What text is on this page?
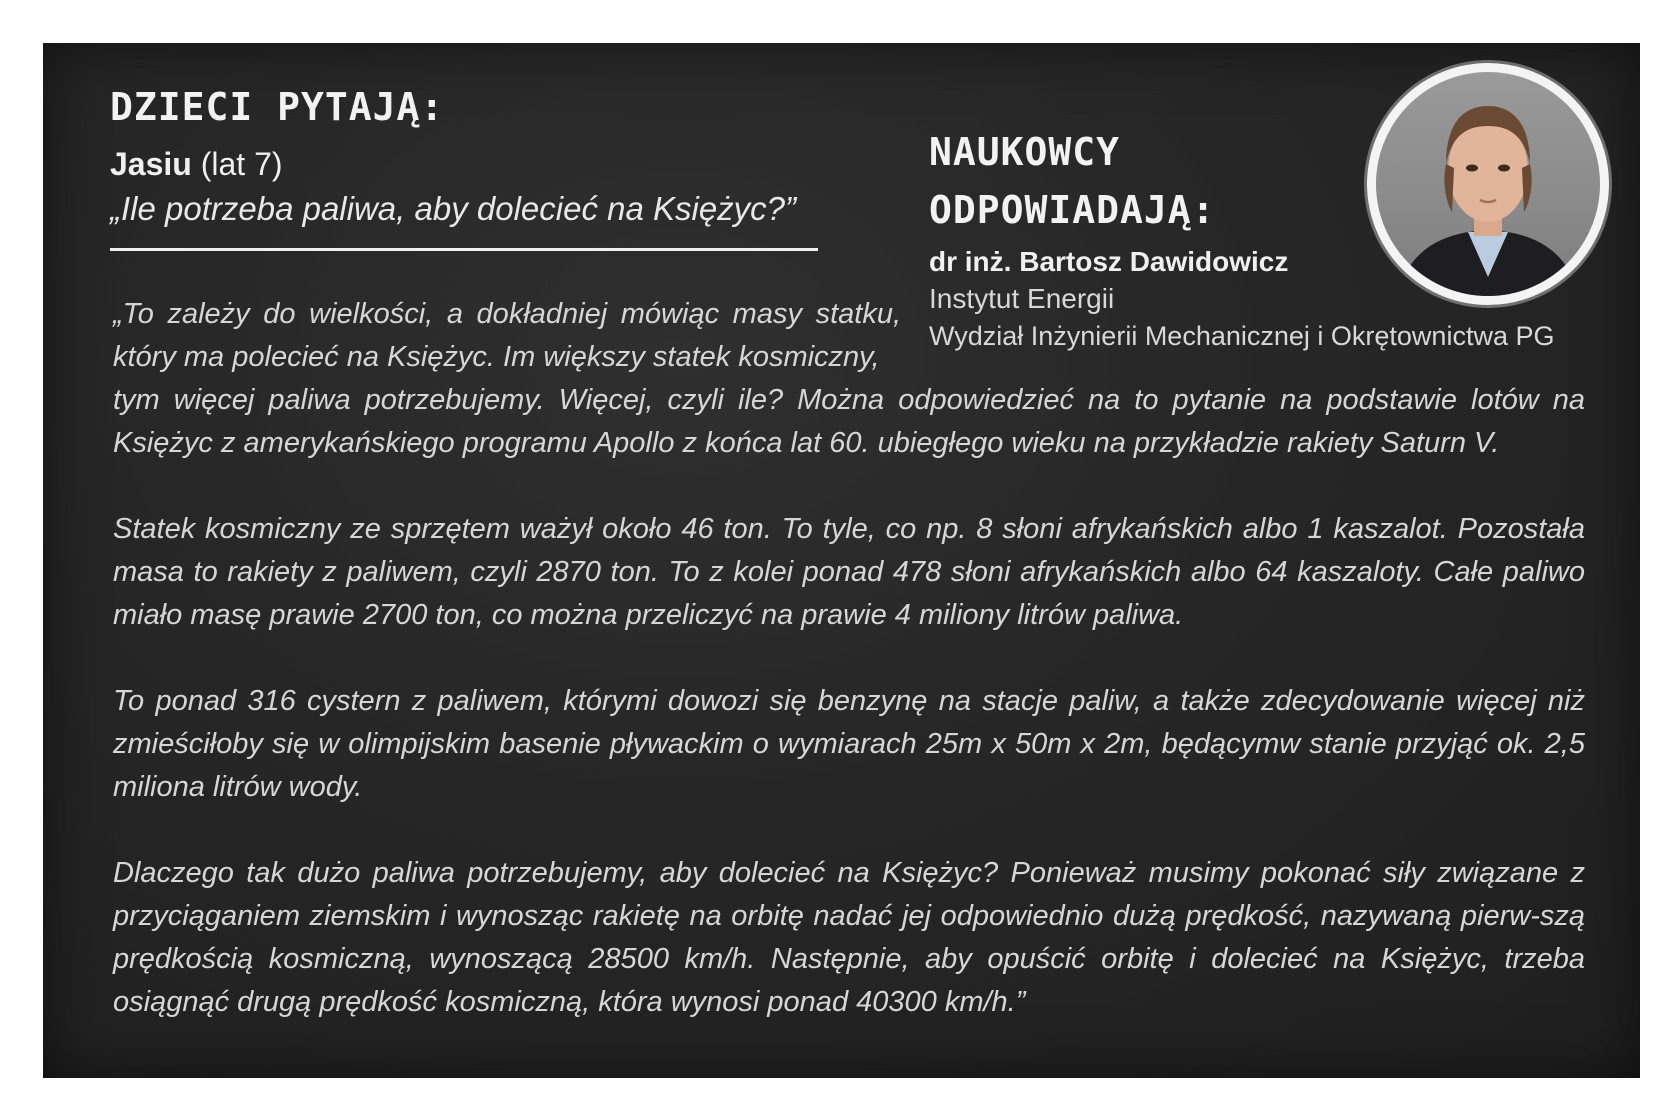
DZIECI PYTAJĄ:
Jasiu (lat 7)
„Ile potrzeba paliwa, aby dolecieć na Księżyc?”
NAUKOWCY
ODPOWIADAJĄ:
dr inż. Bartosz Dawidowicz
Instytut Energii
Wydział Inżynierii Mechanicznej i Okrętownictwa PG

„To zależy do wielkości, a dokładniej mówiąc masy statku, który ma polecieć na Księżyc. Im większy statek kosmiczny,

tym więcej paliwa potrzebujemy. Więcej, czyli ile? Można odpowiedzieć na to pytanie na podstawie lotów na Księżyc z amerykańskiego programu Apollo z końca lat 60. ubiegłego wieku na przykładzie rakiety Saturn V.

Statek kosmiczny ze sprzętem ważył około 46 ton. To tyle, co np. 8 słoni afrykańskich albo 1 kaszalot. Pozostała masa to rakiety z paliwem, czyli 2870 ton. To z kolei ponad 478 słoni afrykańskich albo 64 kaszaloty. Całe paliwo miało masę prawie 2700 ton, co można przeliczyć na prawie 4 miliony litrów paliwa.

To ponad 316 cystern z paliwem, którymi dowozi się benzynę na stacje paliw, a także zdecydowanie więcej niż zmieściłoby się w olimpijskim basenie pływackim o wymiarach 25m x 50m x 2m, będącymw stanie przyjąć ok. 2,5 miliona litrów wody.

Dlaczego tak dużo paliwa potrzebujemy, aby dolecieć na Księżyc? Ponieważ musimy pokonać siły związane z przyciąganiem ziemskim i wynosząc rakietę na orbitę nadać jej odpowiednio dużą prędkość, nazywaną pierw-szą prędkością kosmiczną, wynoszącą 28500 km/h. Następnie, aby opuścić orbitę i dolecieć na Księżyc, trzeba osiągnąć drugą prędkość kosmiczną, która wynosi ponad 40300 km/h.”
